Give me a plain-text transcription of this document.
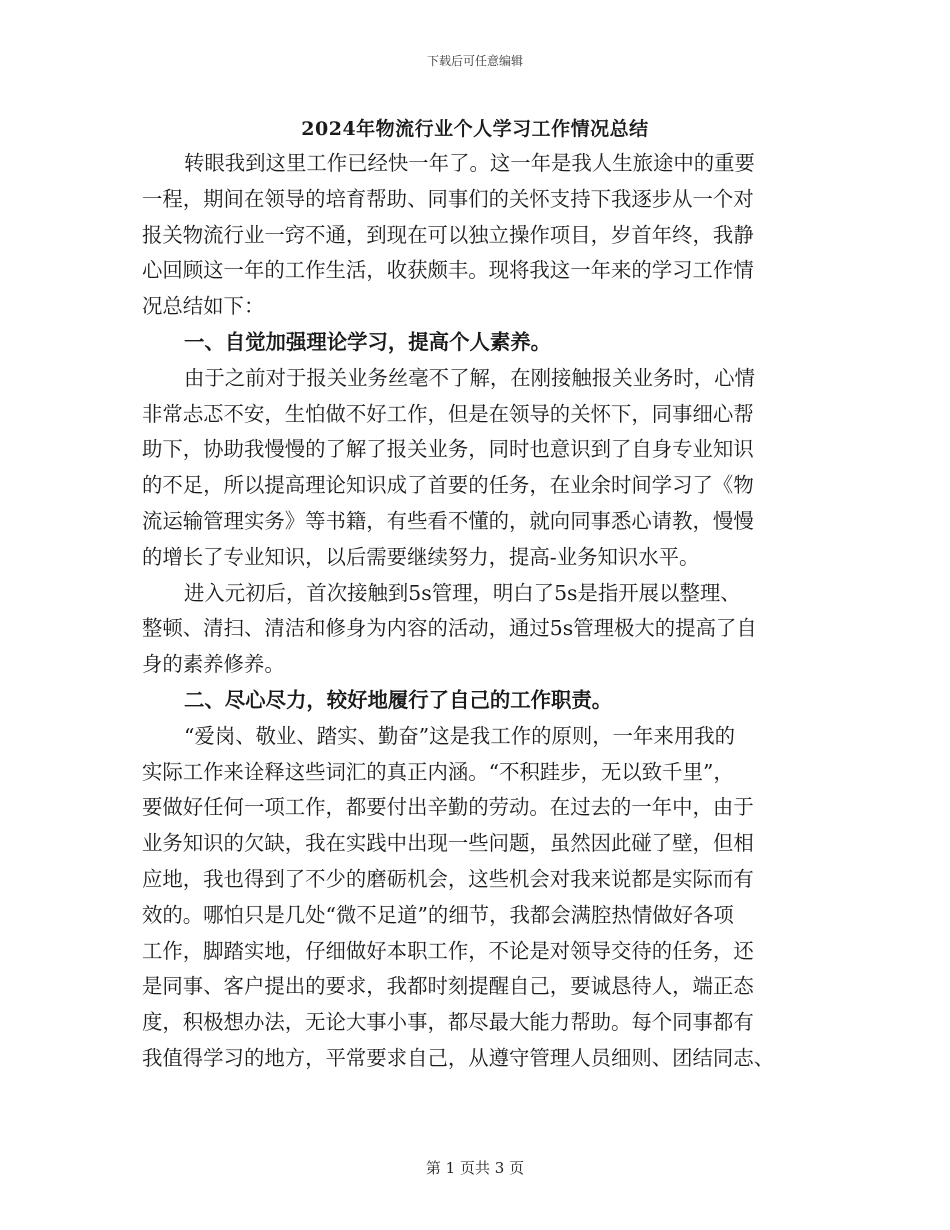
下载后可任意编辑
2024年物流行业个人学习工作情况总结
转眼我到这里工作已经快一年了。这一年是我人生旅途中的重要
一程，期间在领导的培育帮助、同事们的关怀支持下我逐步从一个对
报关物流行业一窍不通，到现在可以独立操作项目，岁首年终，我静
心回顾这一年的工作生活，收获颇丰。现将我这一年来的学习工作情
况总结如下：
一、自觉加强理论学习，提高个人素养。
由于之前对于报关业务丝毫不了解，在刚接触报关业务时，心情
非常忐忑不安，生怕做不好工作，但是在领导的关怀下，同事细心帮
助下，协助我慢慢的了解了报关业务，同时也意识到了自身专业知识
的不足，所以提高理论知识成了首要的任务，在业余时间学习了《物
流运输管理实务》等书籍，有些看不懂的，就向同事悉心请教，慢慢
的增长了专业知识，以后需要继续努力，提高-业务知识水平。
进入元初后，首次接触到5s管理，明白了5s是指开展以整理、
整顿、清扫、清洁和修身为内容的活动，通过5s管理极大的提高了自
身的素养修养。
二、尽心尽力，较好地履行了自己的工作职责。
“爱岗、敬业、踏实、勤奋”这是我工作的原则，一年来用我的
实际工作来诠释这些词汇的真正内涵。“不积跬步，无以致千里”，
要做好任何一项工作，都要付出辛勤的劳动。在过去的一年中，由于
业务知识的欠缺，我在实践中出现一些问题，虽然因此碰了壁，但相
应地，我也得到了不少的磨砺机会，这些机会对我来说都是实际而有
效的。哪怕只是几处“微不足道”的细节，我都会满腔热情做好各项
工作，脚踏实地，仔细做好本职工作，不论是对领导交待的任务，还
是同事、客户提出的要求，我都时刻提醒自己，要诚恳待人，端正态
度，积极想办法，无论大事小事，都尽最大能力帮助。每个同事都有
我值得学习的地方，平常要求自己，从遵守管理人员细则、团结同志、
第 1 页共 3 页
